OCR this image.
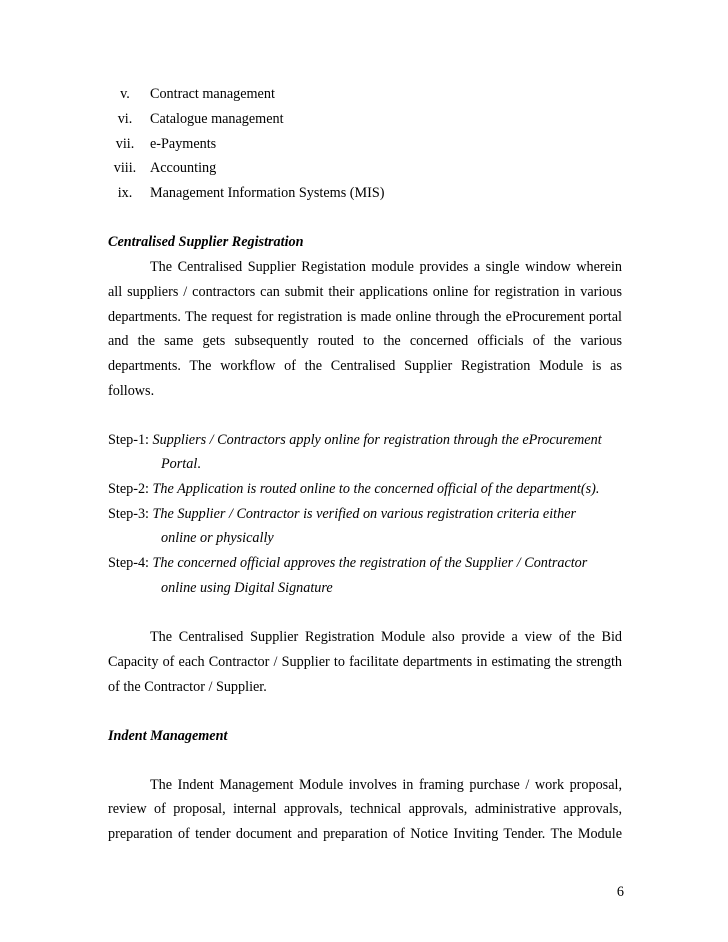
v.	Contract management
vi.	Catalogue management
vii.	e-Payments
viii. Accounting
ix.	Management Information Systems (MIS)
Centralised Supplier Registration
The Centralised Supplier Registation module provides a single window wherein
all suppliers / contractors can submit their applications online for registration in various
departments. The request for registration is made online through the eProcurement portal
and the same gets subsequently routed to the concerned officials of the various
departments. The workflow of the Centralised Supplier Registration Module is as
follows.
Step-1: Suppliers / Contractors apply online for registration through the eProcurement
Portal.
Step-2: The Application is routed online to the concerned official of the department(s).
Step-3: The Supplier / Contractor is verified on various registration criteria either
online or physically
Step-4: The concerned official approves the registration of the Supplier / Contractor
online using Digital Signature
The Centralised Supplier Registration Module also provide a view of the Bid
Capacity of each Contractor / Supplier to facilitate departments in estimating the strength
of the Contractor / Supplier.
Indent Management
The Indent Management Module involves in framing purchase / work proposal,
review of proposal, internal approvals, technical approvals, administrative approvals,
preparation of tender document and preparation of Notice Inviting Tender. The Module
6
